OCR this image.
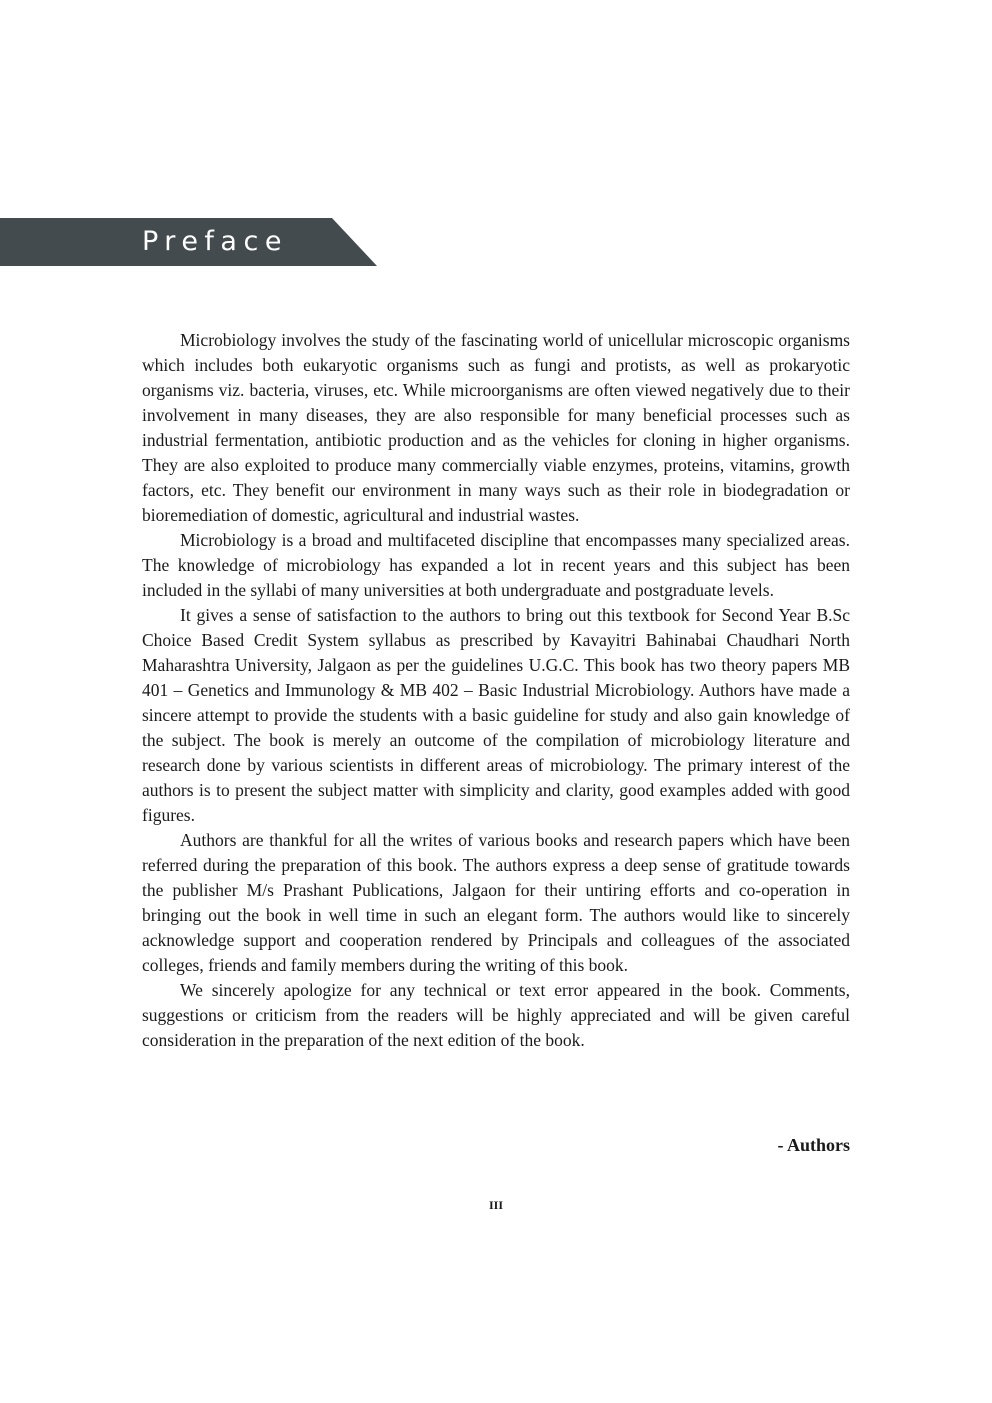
Preface

Microbiology involves the study of the fascinating world of unicellular microscopic organisms which includes both eukaryotic organisms such as fungi and protists, as well as prokaryotic organisms viz. bacteria, viruses, etc. While microorganisms are often viewed negatively due to their involvement in many diseases, they are also responsible for many beneficial processes such as industrial fermentation, antibiotic production and as the vehicles for cloning in higher organisms. They are also exploited to produce many commercially viable enzymes, proteins, vitamins, growth factors, etc. They benefit our environment in many ways such as their role in biodegradation or bioremediation of domestic, agricultural and industrial wastes.

Microbiology is a broad and multifaceted discipline that encompasses many specialized areas. The knowledge of microbiology has expanded a lot in recent years and this subject has been included in the syllabi of many universities at both undergraduate and postgraduate levels.

It gives a sense of satisfaction to the authors to bring out this textbook for Second Year B.Sc Choice Based Credit System syllabus as prescribed by Kavayitri Bahinabai Chaudhari North Maharashtra University, Jalgaon as per the guidelines U.G.C. This book has two theory papers MB 401 – Genetics and Immunology & MB 402 – Basic Industrial Microbiology. Authors have made a sincere attempt to provide the students with a basic guideline for study and also gain knowledge of the subject. The book is merely an outcome of the compilation of microbiology literature and research done by various scientists in different areas of microbiology. The primary interest of the authors is to present the subject matter with simplicity and clarity, good examples added with good figures.

Authors are thankful for all the writes of various books and research papers which have been referred during the preparation of this book. The authors express a deep sense of gratitude towards the publisher M/s Prashant Publications, Jalgaon for their untiring efforts and co-operation in bringing out the book in well time in such an elegant form. The authors would like to sincerely acknowledge support and cooperation rendered by Principals and colleagues of the associated colleges, friends and family members during the writing of this book.

We sincerely apologize for any technical or text error appeared in the book. Comments, suggestions or criticism from the readers will be highly appreciated and will be given careful consideration in the preparation of the next edition of the book.

- Authors
III
